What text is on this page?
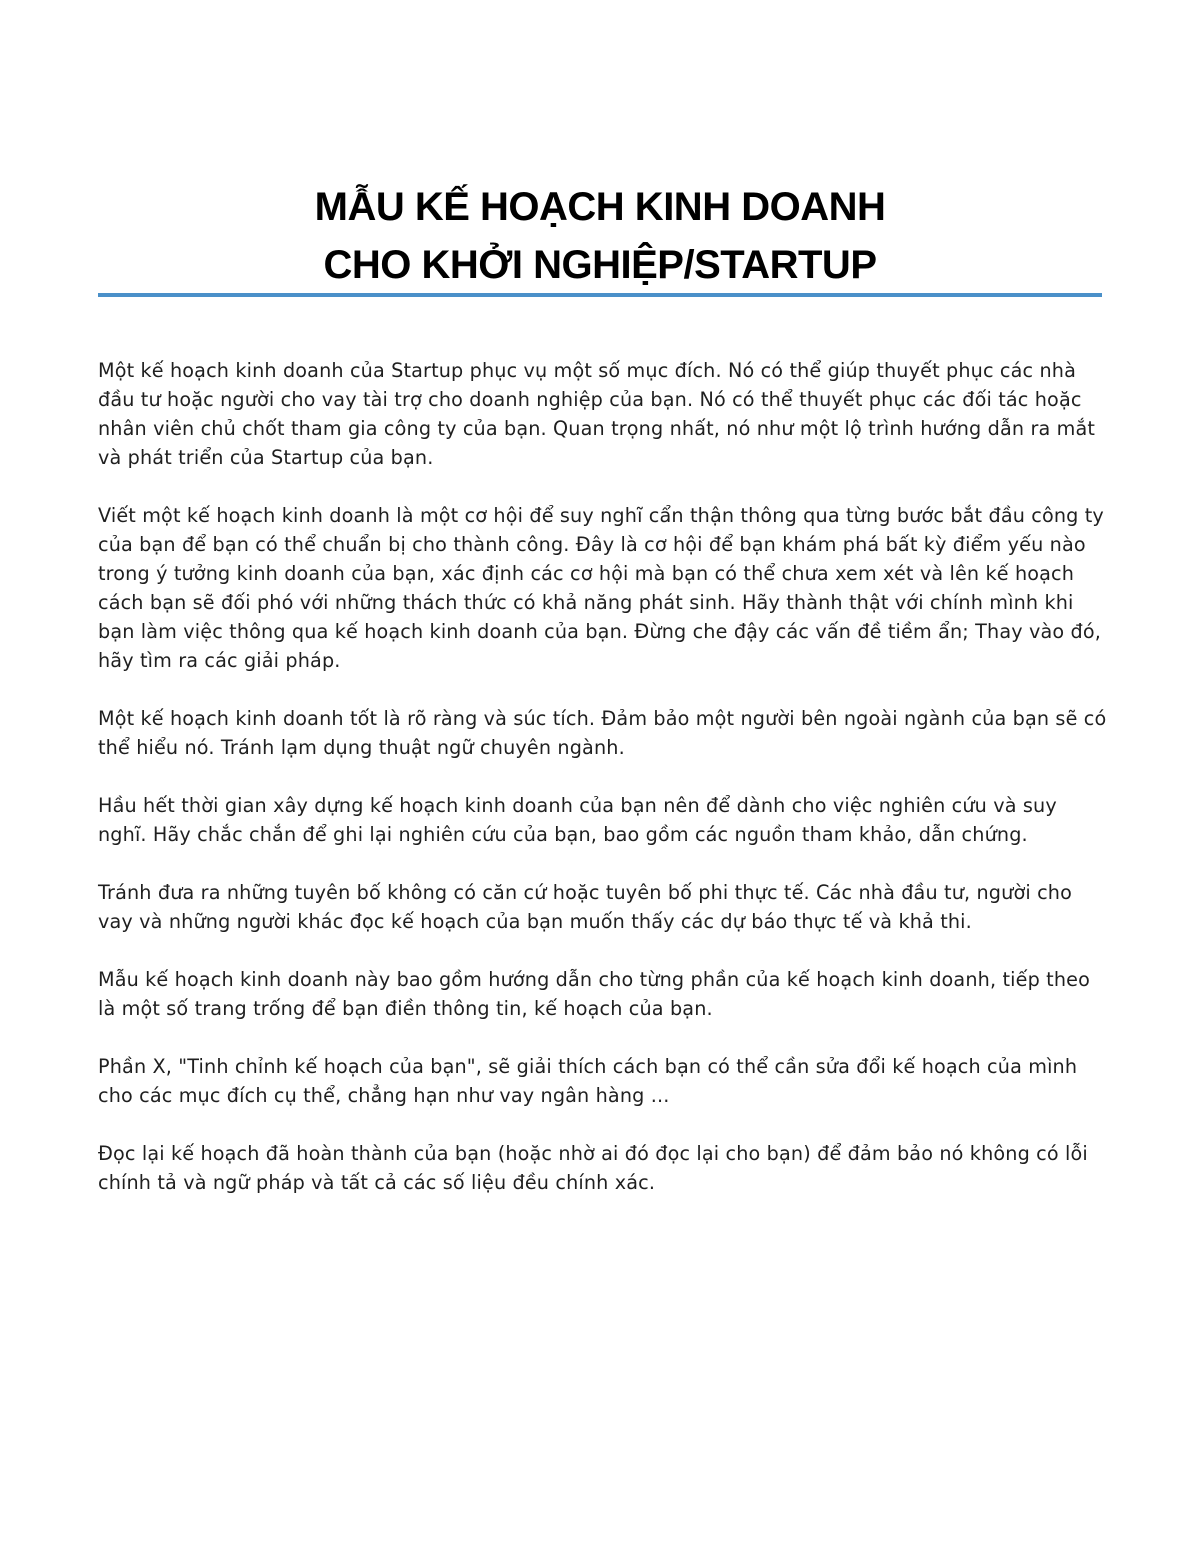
MẪU KẾ HOẠCH KINH DOANH

CHO KHỞI NGHIỆP/STARTUP

Một kế hoạch kinh doanh của Startup phục vụ một số mục đích. Nó có thể giúp thuyết phục các nhà đầu tư hoặc người cho vay tài trợ cho doanh nghiệp của bạn. Nó có thể thuyết phục các đối tác hoặc nhân viên chủ chốt tham gia công ty của bạn. Quan trọng nhất, nó như một lộ trình hướng dẫn ra mắt và phát triển của Startup của bạn.

Viết một kế hoạch kinh doanh là một cơ hội để suy nghĩ cẩn thận thông qua từng bước bắt đầu công ty của bạn để bạn có thể chuẩn bị cho thành công. Đây là cơ hội để bạn khám phá bất kỳ điểm yếu nào trong ý tưởng kinh doanh của bạn, xác định các cơ hội mà bạn có thể chưa xem xét và lên kế hoạch cách bạn sẽ đối phó với những thách thức có khả năng phát sinh. Hãy thành thật với chính mình khi bạn làm việc thông qua kế hoạch kinh doanh của bạn. Đừng che đậy các vấn đề tiềm ẩn; Thay vào đó, hãy tìm ra các giải pháp.

Một kế hoạch kinh doanh tốt là rõ ràng và súc tích. Đảm bảo một người bên ngoài ngành của bạn sẽ có thể hiểu nó. Tránh lạm dụng thuật ngữ chuyên ngành.

Hầu hết thời gian xây dựng kế hoạch kinh doanh của bạn nên để dành cho việc nghiên cứu và suy nghĩ. Hãy chắc chắn để ghi lại nghiên cứu của bạn, bao gồm các nguồn tham khảo, dẫn chứng.

Tránh đưa ra những tuyên bố không có căn cứ hoặc tuyên bố phi thực tế. Các nhà đầu tư, người cho vay và những người khác đọc kế hoạch của bạn muốn thấy các dự báo thực tế và khả thi.

Mẫu kế hoạch kinh doanh này bao gồm hướng dẫn cho từng phần của kế hoạch kinh doanh, tiếp theo là một số trang trống để bạn điền thông tin, kế hoạch của bạn.

Phần X, "Tinh chỉnh kế hoạch của bạn", sẽ giải thích cách bạn có thể cần sửa đổi kế hoạch của mình cho các mục đích cụ thể, chẳng hạn như vay ngân hàng ...

Đọc lại kế hoạch đã hoàn thành của bạn (hoặc nhờ ai đó đọc lại cho bạn) để đảm bảo nó không có lỗi chính tả và ngữ pháp và tất cả các số liệu đều chính xác.
